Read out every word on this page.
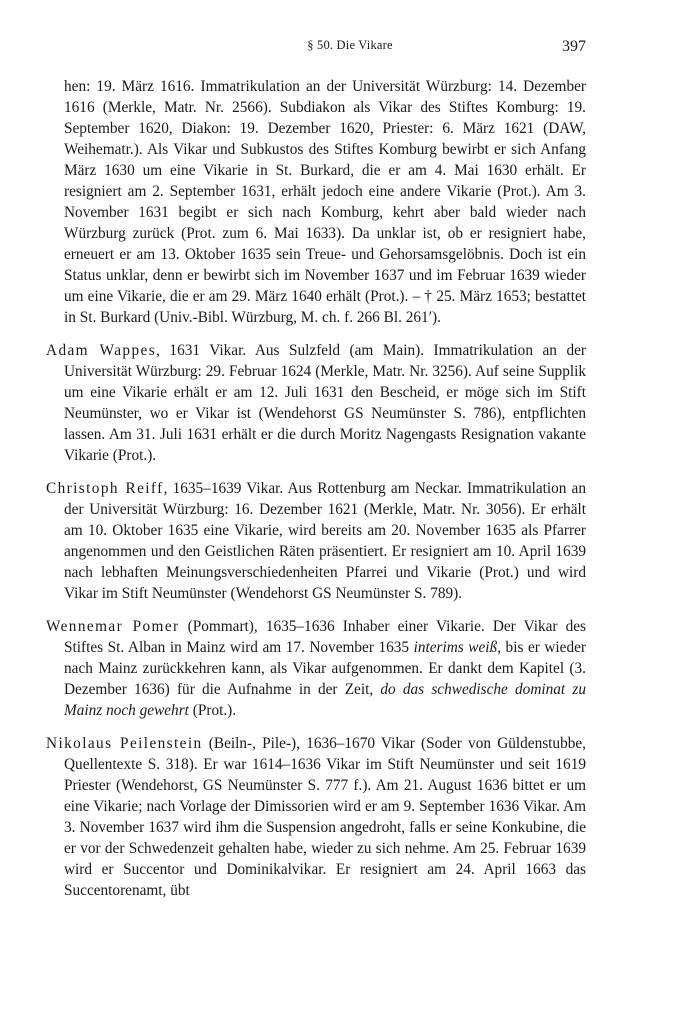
§ 50. Die Vikare	397

hen: 19. März 1616. Immatrikulation an der Universität Würzburg: 14. Dezember 1616 (Merkle, Matr. Nr. 2566). Subdiakon als Vikar des Stiftes Komburg: 19. September 1620, Diakon: 19. Dezember 1620, Priester: 6. März 1621 (DAW, Weihematr.). Als Vikar und Subkustos des Stiftes Komburg bewirbt er sich Anfang März 1630 um eine Vikarie in St. Burkard, die er am 4. Mai 1630 erhält. Er resigniert am 2. September 1631, erhält jedoch eine andere Vikarie (Prot.). Am 3. November 1631 begibt er sich nach Komburg, kehrt aber bald wieder nach Würzburg zurück (Prot. zum 6. Mai 1633). Da unklar ist, ob er resigniert habe, erneuert er am 13. Oktober 1635 sein Treue- und Gehorsamsgelöbnis. Doch ist ein Status unklar, denn er bewirbt sich im November 1637 und im Februar 1639 wieder um eine Vikarie, die er am 29. März 1640 erhält (Prot.). – † 25. März 1653; bestattet in St. Burkard (Univ.-Bibl. Würzburg, M. ch. f. 266 Bl. 261′).

Adam Wappes, 1631 Vikar. Aus Sulzfeld (am Main). Immatrikulation an der Universität Würzburg: 29. Februar 1624 (Merkle, Matr. Nr. 3256). Auf seine Supplik um eine Vikarie erhält er am 12. Juli 1631 den Bescheid, er möge sich im Stift Neumünster, wo er Vikar ist (Wendehorst GS Neumünster S. 786), entpflichten lassen. Am 31. Juli 1631 erhält er die durch Moritz Nagengasts Resignation vakante Vikarie (Prot.).

Christoph Reiff, 1635–1639 Vikar. Aus Rottenburg am Neckar. Immatrikulation an der Universität Würzburg: 16. Dezember 1621 (Merkle, Matr. Nr. 3056). Er erhält am 10. Oktober 1635 eine Vikarie, wird bereits am 20. November 1635 als Pfarrer angenommen und den Geistlichen Räten präsentiert. Er resigniert am 10. April 1639 nach lebhaften Meinungsverschiedenheiten Pfarrei und Vikarie (Prot.) und wird Vikar im Stift Neumünster (Wendehorst GS Neumünster S. 789).

Wennemar Pomer (Pommart), 1635–1636 Inhaber einer Vikarie. Der Vikar des Stiftes St. Alban in Mainz wird am 17. November 1635 interims weiß, bis er wieder nach Mainz zurückkehren kann, als Vikar aufgenommen. Er dankt dem Kapitel (3. Dezember 1636) für die Aufnahme in der Zeit, do das schwedische dominat zu Mainz noch gewehrt (Prot.).

Nikolaus Peilenstein (Beiln-, Pile-), 1636–1670 Vikar (Soder von Güldenstubbe, Quellentexte S. 318). Er war 1614–1636 Vikar im Stift Neumünster und seit 1619 Priester (Wendehorst, GS Neumünster S. 777 f.). Am 21. August 1636 bittet er um eine Vikarie; nach Vorlage der Dimissorien wird er am 9. September 1636 Vikar. Am 3. November 1637 wird ihm die Suspension angedroht, falls er seine Konkubine, die er vor der Schwedenzeit gehalten habe, wieder zu sich nehme. Am 25. Februar 1639 wird er Succentor und Dominikalvikar. Er resigniert am 24. April 1663 das Succentorenamt, übt
